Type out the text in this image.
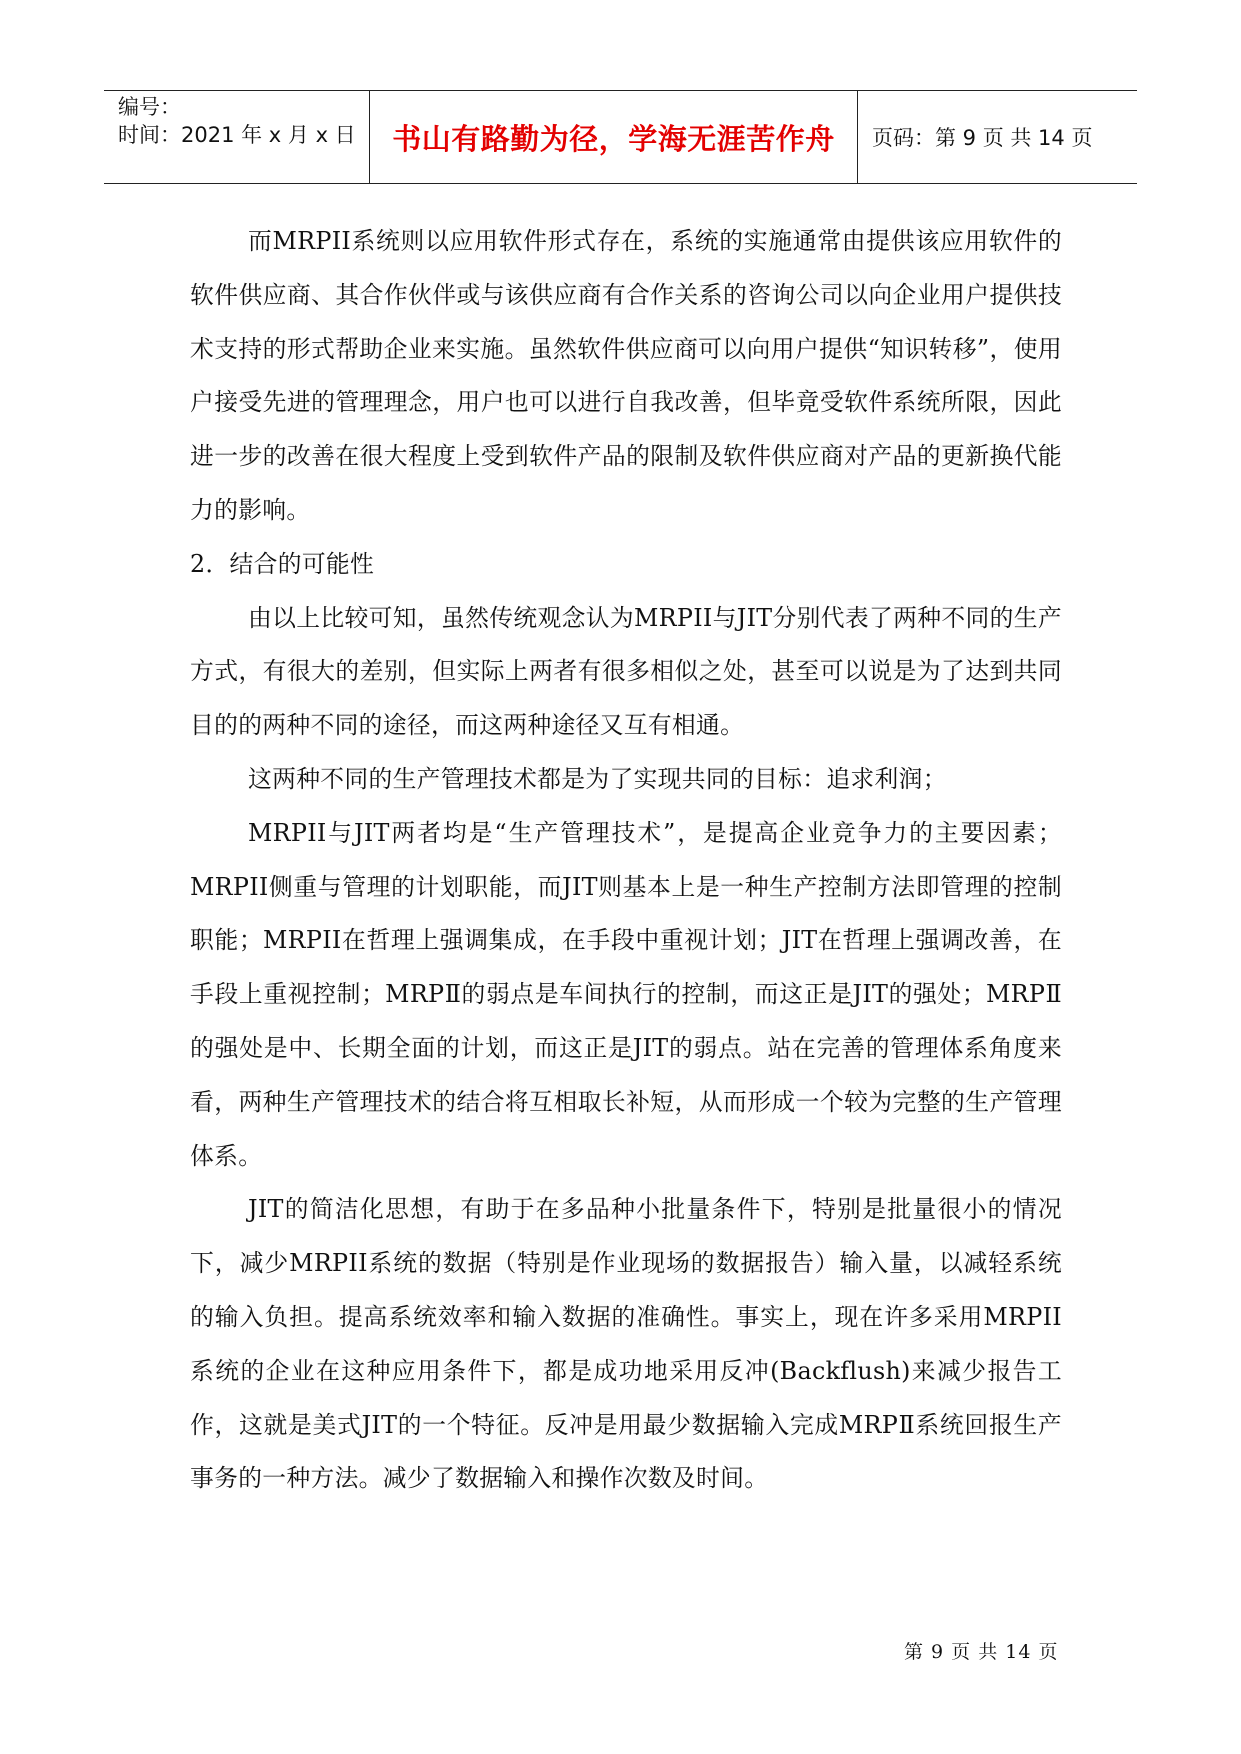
编号：
时间：2021 年 x 月 x 日	书山有路勤为径，学海无涯苦作舟	页码：第 9 页 共 14 页

而MRPII系统则以应用软件形式存在，系统的实施通常由提供该应用软件的软件供应商、其合作伙伴或与该供应商有合作关系的咨询公司以向企业用户提供技术支持的形式帮助企业来实施。虽然软件供应商可以向用户提供“知识转移”，使用户接受先进的管理理念，用户也可以进行自我改善，但毕竟受软件系统所限，因此进一步的改善在很大程度上受到软件产品的限制及软件供应商对产品的更新换代能力的影响。

2．结合的可能性

由以上比较可知，虽然传统观念认为MRPII与JIT分别代表了两种不同的生产方式，有很大的差别，但实际上两者有很多相似之处，甚至可以说是为了达到共同目的的两种不同的途径，而这两种途径又互有相通。

这两种不同的生产管理技术都是为了实现共同的目标：追求利润；

MRPII与JIT两者均是“生产管理技术”，是提高企业竞争力的主要因素；MRPII侧重与管理的计划职能，而JIT则基本上是一种生产控制方法即管理的控制职能；MRPII在哲理上强调集成，在手段中重视计划；JIT在哲理上强调改善，在手段上重视控制；MRPⅡ的弱点是车间执行的控制，而这正是JIT的强处；MRPⅡ的强处是中、长期全面的计划，而这正是JIT的弱点。站在完善的管理体系角度来看，两种生产管理技术的结合将互相取长补短，从而形成一个较为完整的生产管理体系。

JIT的简洁化思想，有助于在多品种小批量条件下，特别是批量很小的情况下，减少MRPII系统的数据（特别是作业现场的数据报告）输入量，以减轻系统的输入负担。提高系统效率和输入数据的准确性。事实上，现在许多采用MRPII系统的企业在这种应用条件下，都是成功地采用反冲(Backflush)来减少报告工作，这就是美式JIT的一个特征。反冲是用最少数据输入完成MRPⅡ系统回报生产事务的一种方法。减少了数据输入和操作次数及时间。

第 9 页 共 14 页
